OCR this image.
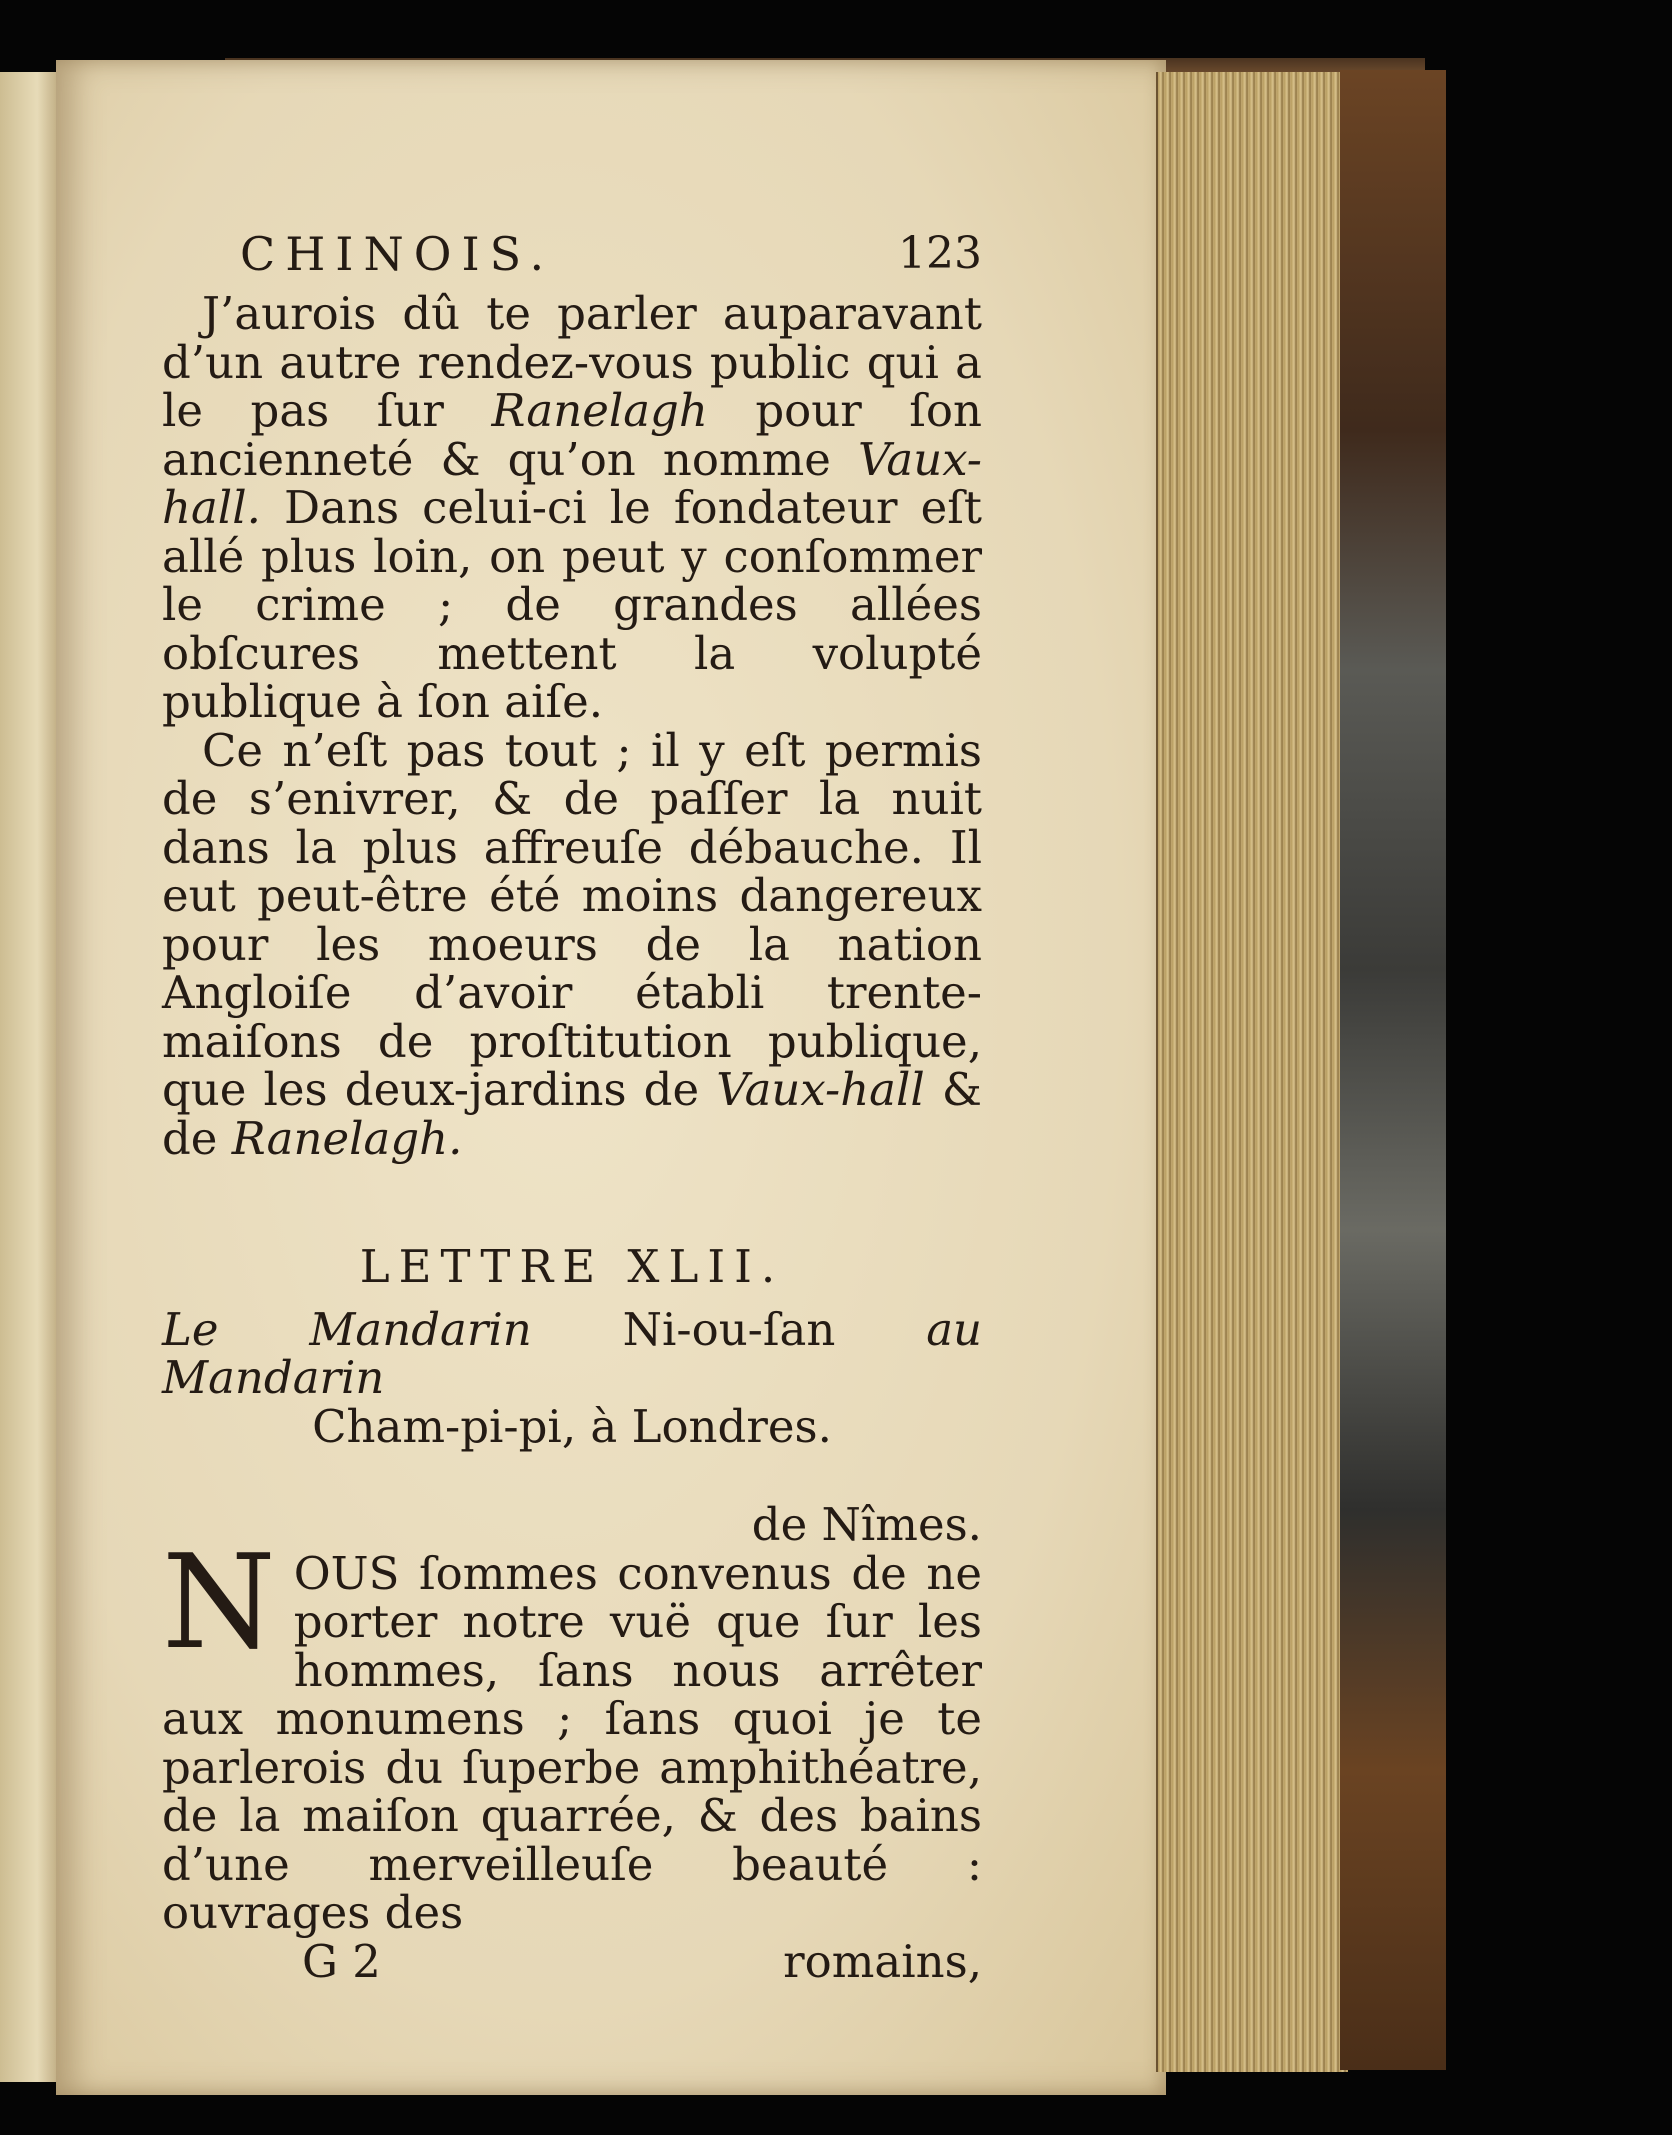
CHINOIS.	123

J’aurois dû te parler auparavant d’un autre rendez-vous public qui a le pas ſur Ranelagh pour ſon ancienneté & qu’on nomme Vaux-hall. Dans celui-ci le fondateur eſt allé plus loin, on peut y conſommer le crime ; de grandes allées obſcures mettent la volupté publique à ſon aiſe.

Ce n’eſt pas tout ; il y eſt permis de s’enivrer, & de paſſer la nuit dans la plus affreuſe débauche. Il eut peut-être été moins dangereux pour les moeurs de la nation Angloiſe d’avoir établi trente-maiſons de proſtitution publique, que les deux-jardins de Vaux-hall & de Ranelagh.

LETTRE XLII.

Le Mandarin Ni-ou-ſan au Mandarin

Cham-pi-pi, à Londres.

de Nîmes.

N OUS ſommes convenus de ne porter notre vuë que ſur les hommes, ſans nous arrêter aux monumens ; ſans quoi je te parlerois du ſuperbe amphithéatre, de la maiſon quarrée, & des bains d’une merveilleuſe beauté : ouvrages des

G 2	romains,
